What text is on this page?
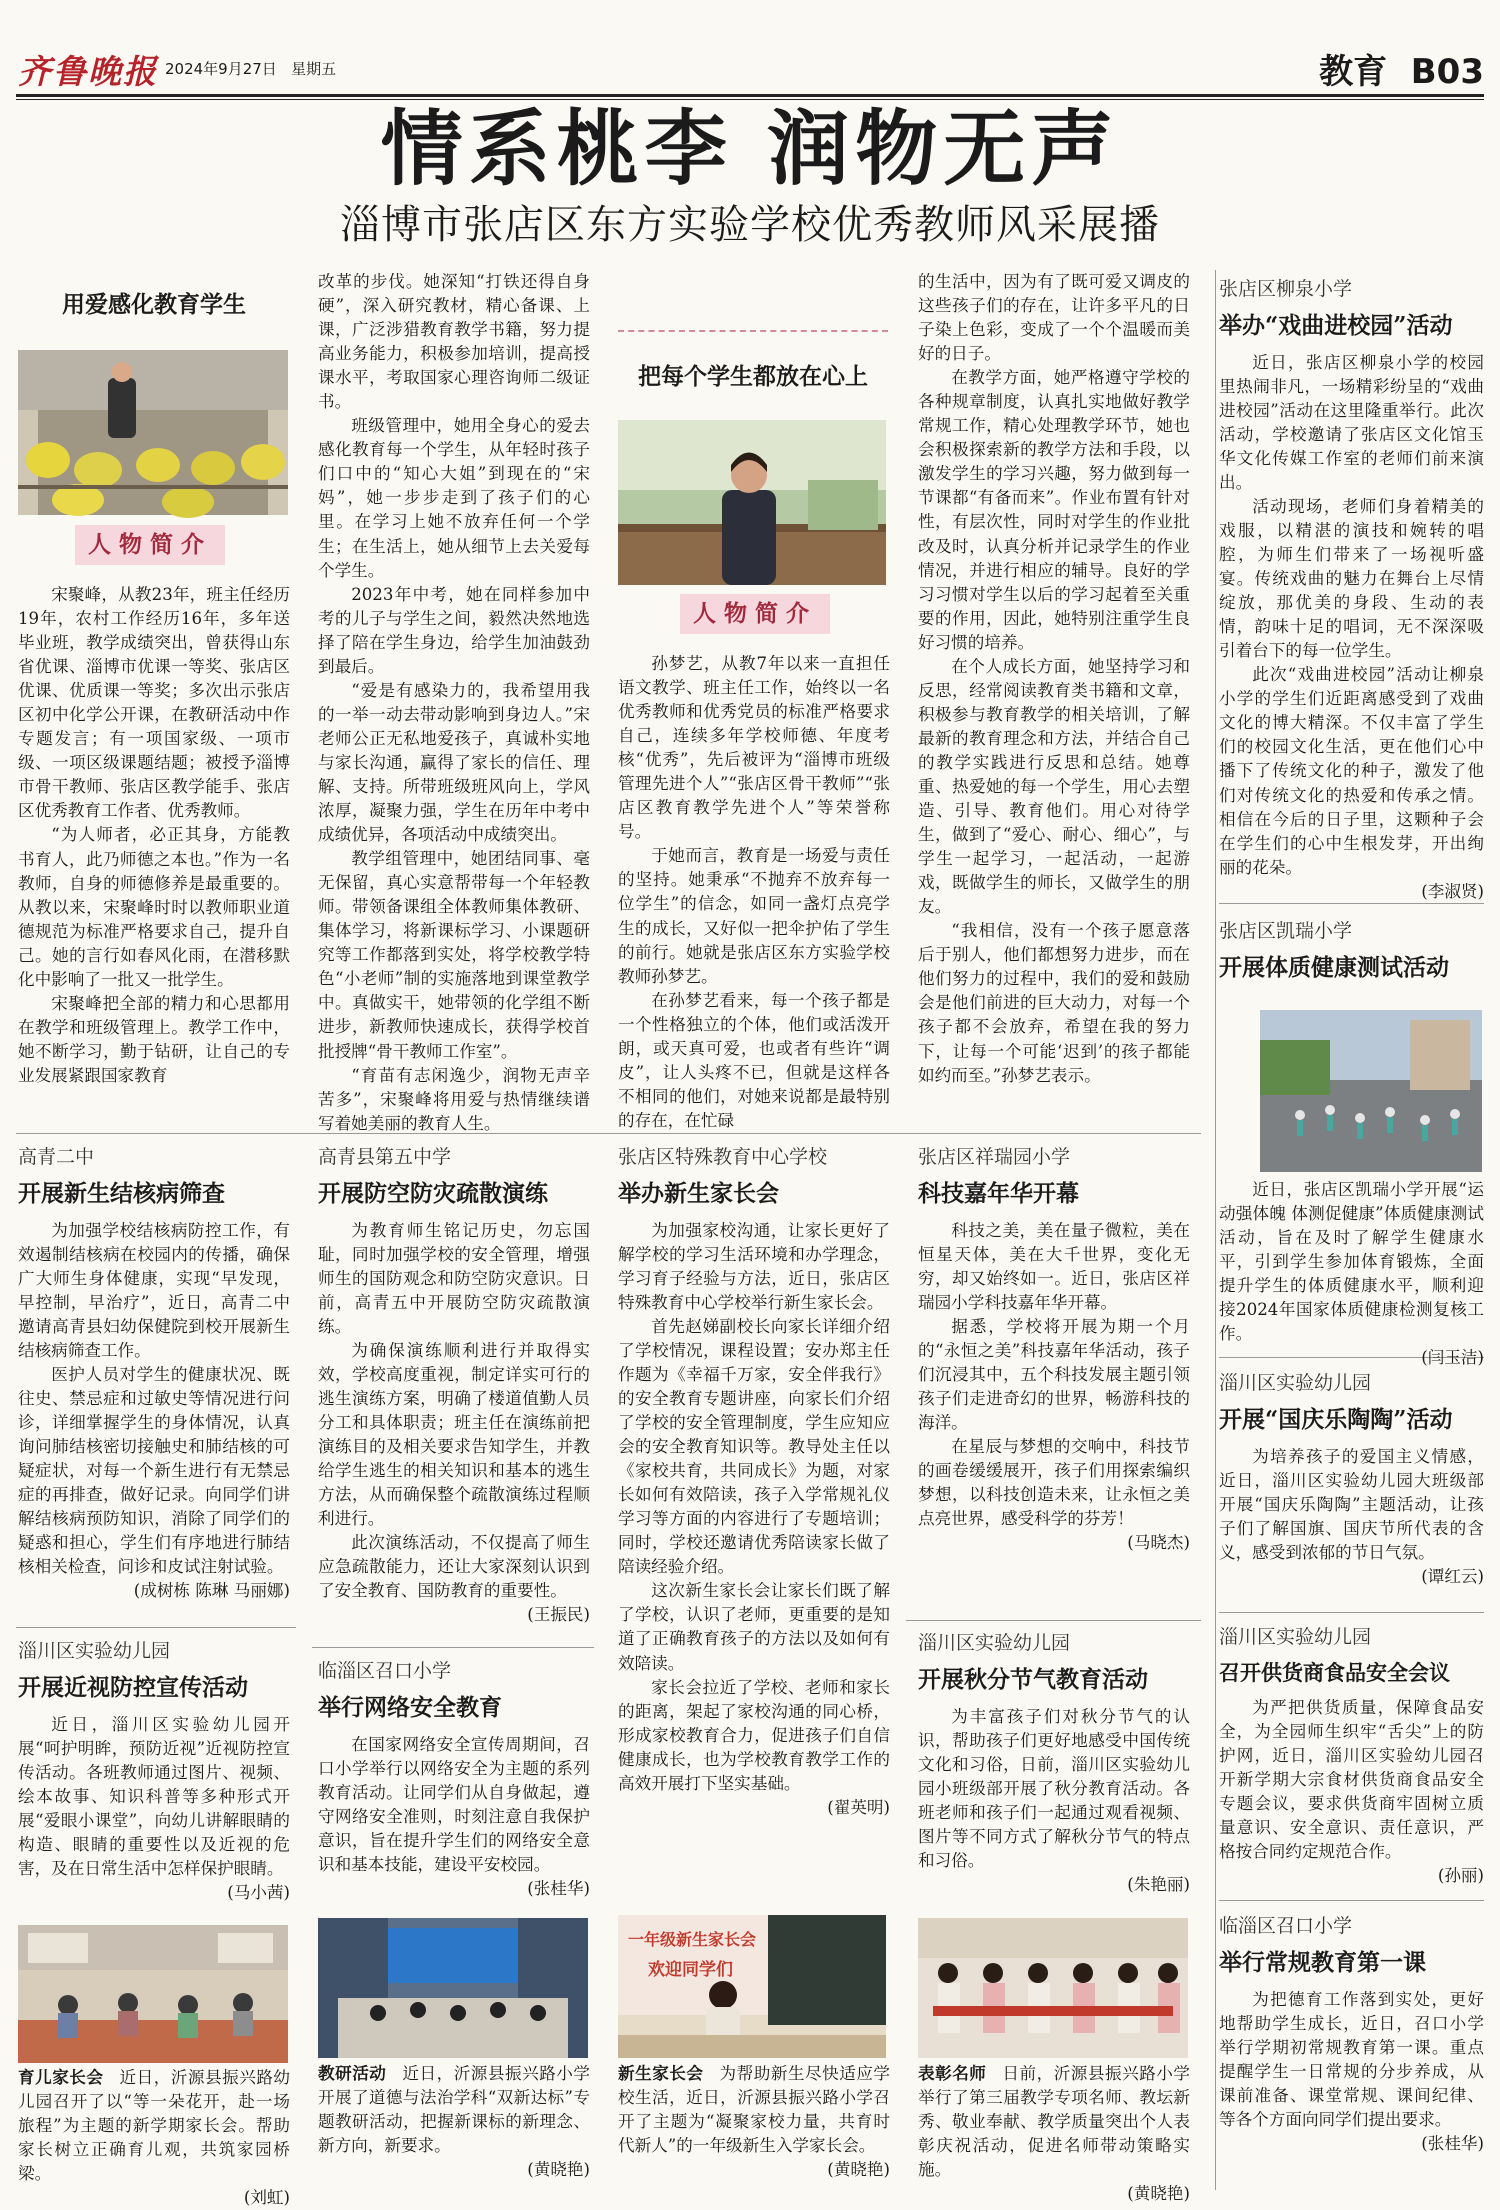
齐鲁晚报 2024年9月27日 星期五	教育 B03
情系桃李 润物无声
淄博市张店区东方实验学校优秀教师风采展播
用爱感化教育学生
人物简介

宋聚峰，从教23年，班主任经历19年，农村工作经历16年，多年送毕业班，教学成绩突出，曾获得山东省优课、淄博市优课一等奖、张店区优课、优质课一等奖；多次出示张店区初中化学公开课，在教研活动中作专题发言；有一项国家级、一项市级、一项区级课题结题；被授予淄博市骨干教师、张店区教学能手、张店区优秀教育工作者、优秀教师。

“为人师者，必正其身，方能教书育人，此乃师德之本也。”作为一名教师，自身的师德修养是最重要的。从教以来，宋聚峰时时以教师职业道德规范为标准严格要求自己，提升自己。她的言行如春风化雨，在潜移默化中影响了一批又一批学生。

宋聚峰把全部的精力和心思都用在教学和班级管理上。教学工作中，她不断学习，勤于钻研，让自己的专业发展紧跟国家教育

改革的步伐。她深知“打铁还得自身硬”，深入研究教材，精心备课、上课，广泛涉猎教育教学书籍，努力提高业务能力，积极参加培训，提高授课水平，考取国家心理咨询师二级证书。

班级管理中，她用全身心的爱去感化教育每一个学生，从年轻时孩子们口中的“知心大姐”到现在的“宋妈”，她一步步走到了孩子们的心里。在学习上她不放弃任何一个学生；在生活上，她从细节上去关爱每个学生。

2023年中考，她在同样参加中考的儿子与学生之间，毅然决然地选择了陪在学生身边，给学生加油鼓劲到最后。

“爱是有感染力的，我希望用我的一举一动去带动影响到身边人。”宋老师公正无私地爱孩子，真诚朴实地与家长沟通，赢得了家长的信任、理解、支持。所带班级班风向上，学风浓厚，凝聚力强，学生在历年中考中成绩优异，各项活动中成绩突出。

教学组管理中，她团结同事、毫无保留，真心实意帮带每一个年轻教师。带领备课组全体教师集体教研、集体学习，将新课标学习、小课题研究等工作都落到实处，将学校教学特色“小老师”制的实施落地到课堂教学中。真做实干，她带领的化学组不断进步，新教师快速成长，获得学校首批授牌“骨干教师工作室”。

“育苗有志闲逸少，润物无声辛苦多”，宋聚峰将用爱与热情继续谱写着她美丽的教育人生。

把每个学生都放在心上
人物简介

孙梦艺，从教7年以来一直担任语文教学、班主任工作，始终以一名优秀教师和优秀党员的标准严格要求自己，连续多年学校师德、年度考核“优秀”，先后被评为“淄博市班级管理先进个人”“张店区骨干教师”“张店区教育教学先进个人”等荣誉称号。

于她而言，教育是一场爱与责任的坚持。她秉承“不抛弃不放弃每一位学生”的信念，如同一盏灯点亮学生的成长，又好似一把伞护佑了学生的前行。她就是张店区东方实验学校教师孙梦艺。

在孙梦艺看来，每一个孩子都是一个性格独立的个体，他们或活泼开朗，或天真可爱，也或者有些许“调皮”，让人头疼不已，但就是这样各不相同的他们，对她来说都是最特别的存在，在忙碌

的生活中，因为有了既可爱又调皮的这些孩子们的存在，让许多平凡的日子染上色彩，变成了一个个温暖而美好的日子。

在教学方面，她严格遵守学校的各种规章制度，认真扎实地做好教学常规工作，精心处理教学环节，她也会积极探索新的教学方法和手段，以激发学生的学习兴趣，努力做到每一节课都“有备而来”。作业布置有针对性，有层次性，同时对学生的作业批改及时，认真分析并记录学生的作业情况，并进行相应的辅导。良好的学习习惯对学生以后的学习起着至关重要的作用，因此，她特别注重学生良好习惯的培养。

在个人成长方面，她坚持学习和反思，经常阅读教育类书籍和文章，积极参与教育教学的相关培训，了解最新的教育理念和方法，并结合自己的教学实践进行反思和总结。她尊重、热爱她的每一个学生，用心去塑造、引导、教育他们。用心对待学生，做到了“爱心、耐心、细心”，与学生一起学习，一起活动，一起游戏，既做学生的师长，又做学生的朋友。

“我相信，没有一个孩子愿意落后于别人，他们都想努力进步，而在他们努力的过程中，我们的爱和鼓励会是他们前进的巨大动力，对每一个孩子都不会放弃，希望在我的努力下，让每一个可能‘迟到’的孩子都能如约而至。”孙梦艺表示。

张店区柳泉小学
举办“戏曲进校园”活动

近日，张店区柳泉小学的校园里热闹非凡，一场精彩纷呈的“戏曲进校园”活动在这里隆重举行。此次活动，学校邀请了张店区文化馆玉华文化传媒工作室的老师们前来演出。

活动现场，老师们身着精美的戏服，以精湛的演技和婉转的唱腔，为师生们带来了一场视听盛宴。传统戏曲的魅力在舞台上尽情绽放，那优美的身段、生动的表情，韵味十足的唱词，无不深深吸引着台下的每一位学生。

此次“戏曲进校园”活动让柳泉小学的学生们近距离感受到了戏曲文化的博大精深。不仅丰富了学生们的校园文化生活，更在他们心中播下了传统文化的种子，激发了他们对传统文化的热爱和传承之情。相信在今后的日子里，这颗种子会在学生们的心中生根发芽，开出绚丽的花朵。

(李淑贤)
张店区凯瑞小学
开展体质健康测试活动

近日，张店区凯瑞小学开展“运动强体魄 体测促健康”体质健康测试活动，旨在及时了解学生健康水平，引到学生参加体育锻炼，全面提升学生的体质健康水平，顺利迎接2024年国家体质健康检测复核工作。

(闫玉洁)
淄川区实验幼儿园
开展“国庆乐陶陶”活动

为培养孩子的爱国主义情感，近日，淄川区实验幼儿园大班级部开展“国庆乐陶陶”主题活动，让孩子们了解国旗、国庆节所代表的含义，感受到浓郁的节日气氛。

(谭红云)
淄川区实验幼儿园
召开供货商食品安全会议

为严把供货质量，保障食品安全，为全园师生织牢“舌尖”上的防护网，近日，淄川区实验幼儿园召开新学期大宗食材供货商食品安全专题会议，要求供货商牢固树立质量意识、安全意识、责任意识，严格按合同约定规范合作。

(孙丽)
临淄区召口小学
举行常规教育第一课

为把德育工作落到实处，更好地帮助学生成长，近日，召口小学举行学期初常规教育第一课。重点提醒学生一日常规的分步养成，从课前准备、课堂常规、课间纪律、等各个方面向同学们提出要求。

(张桂华)
高青二中
开展新生结核病筛查

为加强学校结核病防控工作，有效遏制结核病在校园内的传播，确保广大师生身体健康，实现“早发现，早控制，早治疗”，近日，高青二中邀请高青县妇幼保健院到校开展新生结核病筛查工作。

医护人员对学生的健康状况、既往史、禁忌症和过敏史等情况进行问诊，详细掌握学生的身体情况，认真询问肺结核密切接触史和肺结核的可疑症状，对每一个新生进行有无禁忌症的再排查，做好记录。向同学们讲解结核病预防知识，消除了同学们的疑惑和担心，学生们有序地进行肺结核相关检查，问诊和皮试注射试验。

(成树栋 陈琳 马丽娜)
高青县第五中学
开展防空防灾疏散演练

为教育师生铭记历史，勿忘国耻，同时加强学校的安全管理，增强师生的国防观念和防空防灾意识。日前，高青五中开展防空防灾疏散演练。

为确保演练顺利进行并取得实效，学校高度重视，制定详实可行的逃生演练方案，明确了楼道值勤人员分工和具体职责；班主任在演练前把演练目的及相关要求告知学生，并教给学生逃生的相关知识和基本的逃生方法，从而确保整个疏散演练过程顺利进行。

此次演练活动，不仅提高了师生应急疏散能力，还让大家深刻认识到了安全教育、国防教育的重要性。

(王振民)
张店区特殊教育中心学校
举办新生家长会

为加强家校沟通，让家长更好了解学校的学习生活环境和办学理念，学习育子经验与方法，近日，张店区特殊教育中心学校举行新生家长会。

首先赵娣副校长向家长详细介绍了学校情况，课程设置；安办郑主任作题为《幸福千万家，安全伴我行》的安全教育专题讲座，向家长们介绍了学校的安全管理制度，学生应知应会的安全教育知识等。教导处主任以《家校共育，共同成长》为题，对家长如何有效陪读，孩子入学常规礼仪学习等方面的内容进行了专题培训；同时，学校还邀请优秀陪读家长做了陪读经验介绍。

这次新生家长会让家长们既了解了学校，认识了老师，更重要的是知道了正确教育孩子的方法以及如何有效陪读。

家长会拉近了学校、老师和家长的距离，架起了家校沟通的同心桥，形成家校教育合力，促进孩子们自信健康成长，也为学校教育教学工作的高效开展打下坚实基础。

(翟英明)
张店区祥瑞园小学
科技嘉年华开幕

科技之美，美在量子微粒，美在恒星天体，美在大千世界，变化无穷，却又始终如一。近日，张店区祥瑞园小学科技嘉年华开幕。

据悉，学校将开展为期一个月的“永恒之美”科技嘉年华活动，孩子们沉浸其中，五个科技发展主题引领孩子们走进奇幻的世界，畅游科技的海洋。

在星辰与梦想的交响中，科技节的画卷缓缓展开，孩子们用探索编织梦想，以科技创造未来，让永恒之美点亮世界，感受科学的芬芳！

(马晓杰)
淄川区实验幼儿园
开展近视防控宣传活动

近日，淄川区实验幼儿园开展“呵护明眸，预防近视”近视防控宣传活动。各班教师通过图片、视频、绘本故事、知识科普等多种形式开展“爱眼小课堂”，向幼儿讲解眼睛的构造、眼睛的重要性以及近视的危害，及在日常生活中怎样保护眼睛。

(马小茜)
临淄区召口小学
举行网络安全教育

在国家网络安全宣传周期间，召口小学举行以网络安全为主题的系列教育活动。让同学们从自身做起，遵守网络安全准则，时刻注意自我保护意识，旨在提升学生们的网络安全意识和基本技能，建设平安校园。

(张桂华)
淄川区实验幼儿园
开展秋分节气教育活动

为丰富孩子们对秋分节气的认识，帮助孩子们更好地感受中国传统文化和习俗，日前，淄川区实验幼儿园小班级部开展了秋分教育活动。各班老师和孩子们一起通过观看视频、图片等不同方式了解秋分节气的特点和习俗。

(朱艳丽)
一年级新生家长会
欢迎同学们

育儿家长会 近日，沂源县振兴路幼儿园召开了以“等一朵花开，赴一场旅程”为主题的新学期家长会。帮助家长树立正确育儿观，共筑家园桥梁。
(刘虹)

教研活动 近日，沂源县振兴路小学开展了道德与法治学科“双新达标”专题教研活动，把握新课标的新理念、新方向，新要求。
(黄晓艳)

新生家长会 为帮助新生尽快适应学校生活，近日，沂源县振兴路小学召开了主题为“凝聚家校力量，共育时代新人”的一年级新生入学家长会。
(黄晓艳)

表彰名师 日前，沂源县振兴路小学举行了第三届教学专项名师、教坛新秀、敬业奉献、教学质量突出个人表彰庆祝活动，促进名师带动策略实施。
(黄晓艳)
